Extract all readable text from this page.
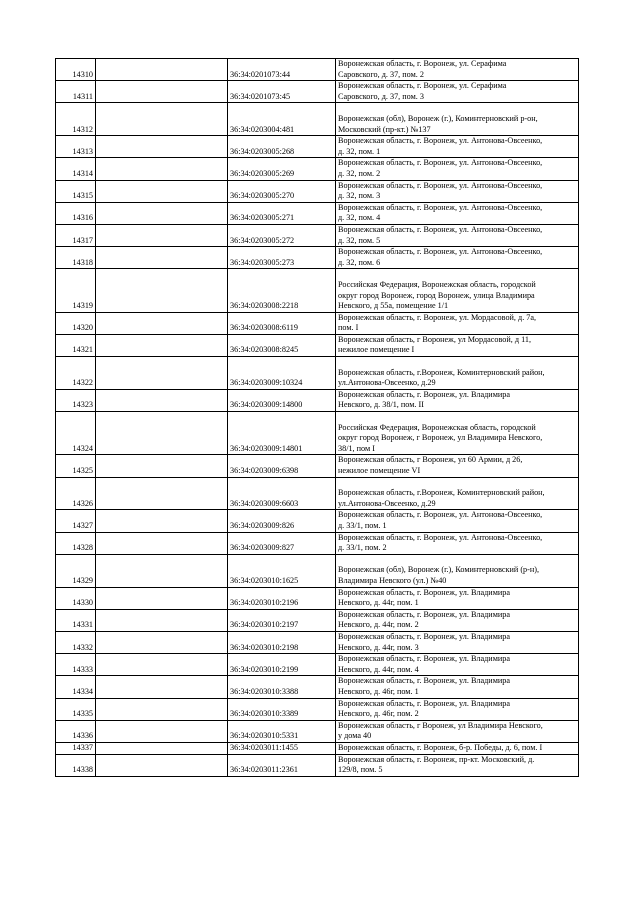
14310		36:34:0201073:44	Воронежская область, г. Воронеж, ул. Серафима
Саровского, д. 37, пом. 2
14311		36:34:0201073:45	Воронежская область, г. Воронеж, ул. Серафима
Саровского, д. 37, пом. 3
14312		36:34:0203004:481	
Воронежская (обл), Воронеж (г.), Коминтерновский р-он,
Московский (пр-кт.) №137
14313		36:34:0203005:268	Воронежская область, г. Воронеж, ул. Антонова-Овсеенко,
д. 32, пом. 1
14314		36:34:0203005:269	Воронежская область, г. Воронеж, ул. Антонова-Овсеенко,
д. 32, пом. 2
14315		36:34:0203005:270	Воронежская область, г. Воронеж, ул. Антонова-Овсеенко,
д. 32, пом. 3
14316		36:34:0203005:271	Воронежская область, г. Воронеж, ул. Антонова-Овсеенко,
д. 32, пом. 4
14317		36:34:0203005:272	Воронежская область, г. Воронеж, ул. Антонова-Овсеенко,
д. 32, пом. 5
14318		36:34:0203005:273	Воронежская область, г. Воронеж, ул. Антонова-Овсеенко,
д. 32, пом. 6
14319		36:34:0203008:2218	
Российская Федерация, Воронежская область, городской
округ город Воронеж, город Воронеж, улица Владимира
Невского, д 55а, помещение 1/1
14320		36:34:0203008:6119	Воронежская область, г. Воронеж, ул. Мордасовой, д. 7а,
пом. I
14321		36:34:0203008:8245	Воронежская область, г Воронеж, ул Мордасовой, д 11,
нежилое помещение I
14322		36:34:0203009:10324	
Воронежская область, г.Воронеж, Коминтерновский район,
ул.Антонова-Овсеенко, д.29
14323		36:34:0203009:14800	Воронежская область, г. Воронеж, ул. Владимира
Невского, д. 38/1, пом. II
14324		36:34:0203009:14801	
Российская Федерация, Воронежская область, городской
округ город Воронеж, г Воронеж, ул Владимира Невского,
38/1, пом I
14325		36:34:0203009:6398	Воронежская область, г Воронеж, ул 60 Армии, д 26,
нежилое помещение VI
14326		36:34:0203009:6603	
Воронежская область, г.Воронеж, Коминтерновский район,
ул.Антонова-Овсеенко, д.29
14327		36:34:0203009:826	Воронежская область, г. Воронеж, ул. Антонова-Овсеенко,
д. 33/1, пом. 1
14328		36:34:0203009:827	Воронежская область, г. Воронеж, ул. Антонова-Овсеенко,
д. 33/1, пом. 2
14329		36:34:0203010:1625	
Воронежская (обл), Воронеж (г.), Коминтерновский (р-н),
Владимира Невского (ул.) №40
14330		36:34:0203010:2196	Воронежская область, г. Воронеж, ул. Владимира
Невского, д. 44г, пом. 1
14331		36:34:0203010:2197	Воронежская область, г. Воронеж, ул. Владимира
Невского, д. 44г, пом. 2
14332		36:34:0203010:2198	Воронежская область, г. Воронеж, ул. Владимира
Невского, д. 44г, пом. 3
14333		36:34:0203010:2199	Воронежская область, г. Воронеж, ул. Владимира
Невского, д. 44г, пом. 4
14334		36:34:0203010:3388	Воронежская область, г. Воронеж, ул. Владимира
Невского, д. 46г, пом. 1
14335		36:34:0203010:3389	Воронежская область, г. Воронеж, ул. Владимира
Невского, д. 46г, пом. 2
14336		36:34:0203010:5331	Воронежская область, г Воронеж, ул Владимира Невского,
у дома 40
14337		36:34:0203011:1455	Воронежская область, г. Воронеж, б-р. Победы, д. 6, пом. I
14338		36:34:0203011:2361	Воронежская область, г. Воронеж, пр-кт. Московский, д.
129/8, пом. 5
